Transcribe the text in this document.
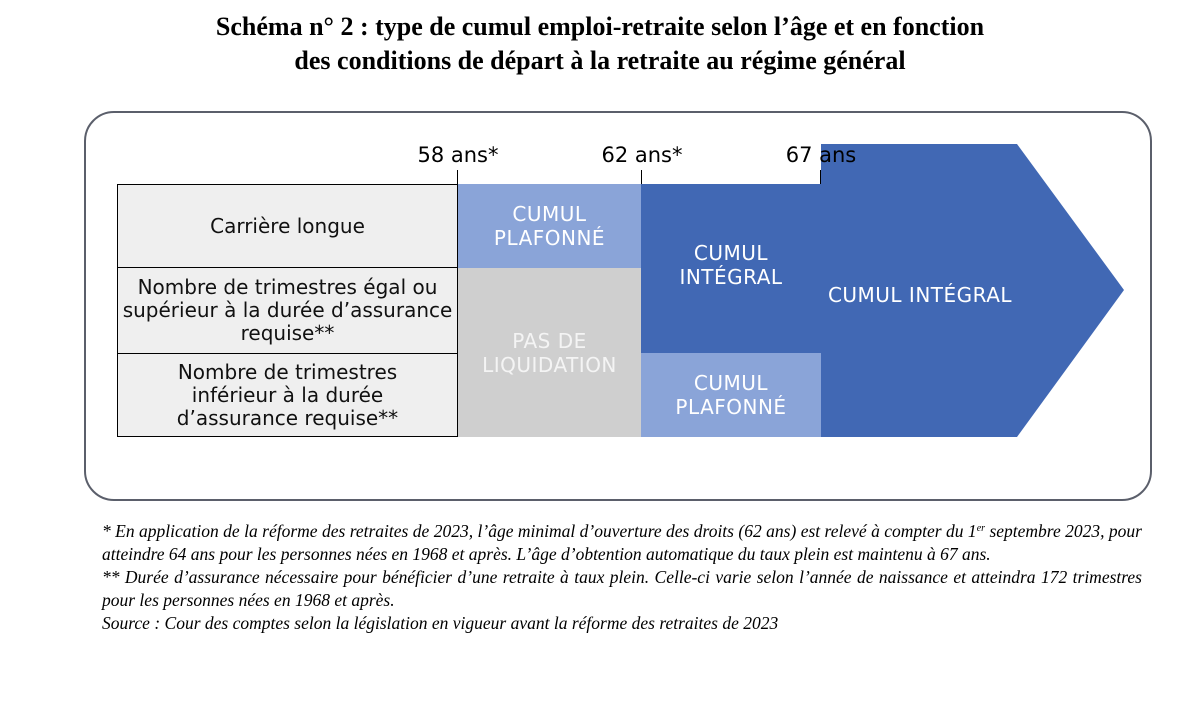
Schéma n° 2 : type de cumul emploi-retraite selon l’âge et en fonction
des conditions de départ à la retraite au régime général
58 ans*	62 ans*	67 ans
Carrière longue
Nombre de trimestres égal ou supérieur à la durée d’assurance requise**
Nombre de trimestres inférieur à la durée d’assurance requise**
CUMUL PLAFONNÉ
PAS DE LIQUIDATION
CUMUL INTÉGRAL
CUMUL PLAFONNÉ
CUMUL INTÉGRAL

* En application de la réforme des retraites de 2023, l’âge minimal d’ouverture des droits (62 ans) est relevé à compter du 1er septembre 2023, pour atteindre 64 ans pour les personnes nées en 1968 et après. L’âge d’obtention automatique du taux plein est maintenu à 67 ans.

** Durée d’assurance nécessaire pour bénéficier d’une retraite à taux plein. Celle-ci varie selon l’année de naissance et atteindra 172 trimestres pour les personnes nées en 1968 et après.

Source : Cour des comptes selon la législation en vigueur avant la réforme des retraites de 2023
